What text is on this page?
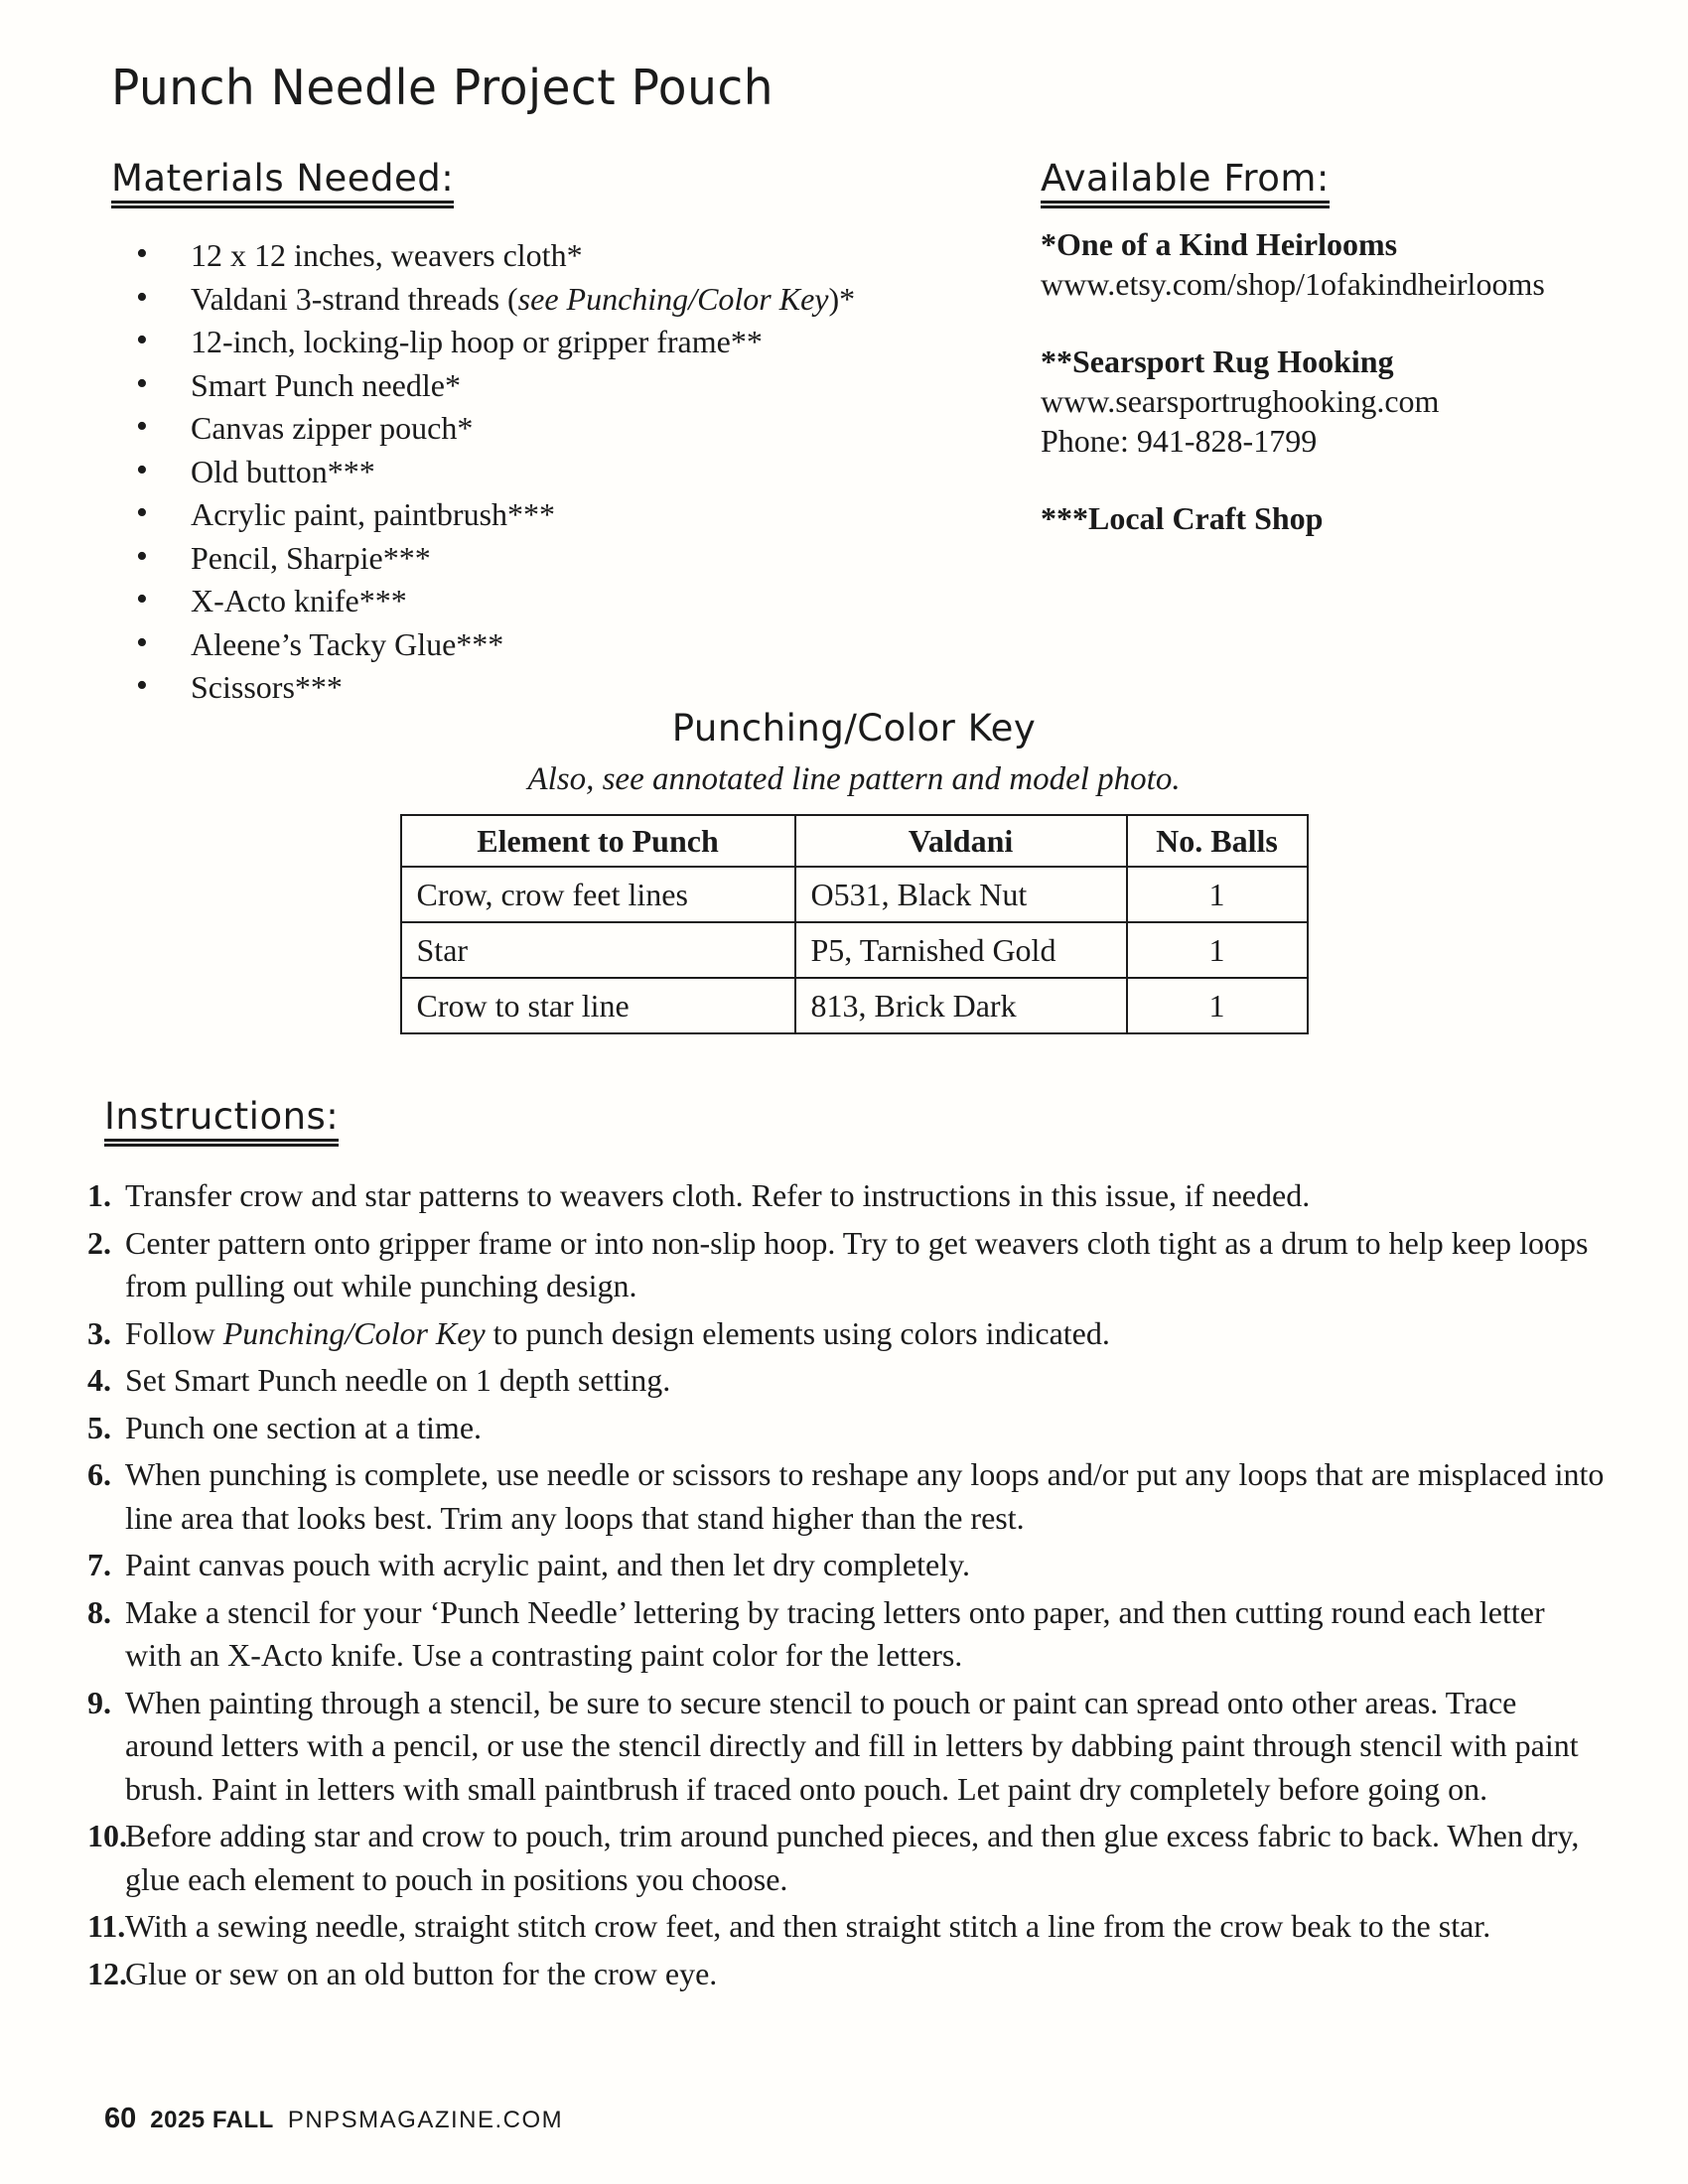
Punch Needle Project Pouch
Materials Needed:
• 12 x 12 inches, weavers cloth*
• Valdani 3-strand threads (see Punching/Color Key)*
• 12-inch, locking-lip hoop or gripper frame**
• Smart Punch needle*
• Canvas zipper pouch*
• Old button***
• Acrylic paint, paintbrush***
• Pencil, Sharpie***
• X-Acto knife***
• Aleene’s Tacky Glue***
• Scissors***
Available From:
*One of a Kind Heirlooms
www.etsy.com/shop/1ofakindheirlooms
**Searsport Rug Hooking
www.searsportrughooking.com
Phone: 941-828-1799
***Local Craft Shop
Punching/Color Key

Also, see annotated line pattern and model photo.

Element to Punch	Valdani	No. Balls
Crow, crow feet lines	O531, Black Nut	1
Star	P5, Tarnished Gold	1
Crow to star line	813, Brick Dark	1
Instructions:
1. Transfer crow and star patterns to weavers cloth. Refer to instructions in this issue, if needed.
2. Center pattern onto gripper frame or into non-slip hoop. Try to get weavers cloth tight as a drum to help keep loops from pulling out while punching design.
3. Follow Punching/Color Key to punch design elements using colors indicated.
4. Set Smart Punch needle on 1 depth setting.
5. Punch one section at a time.
6. When punching is complete, use needle or scissors to reshape any loops and/or put any loops that are misplaced into line area that looks best. Trim any loops that stand higher than the rest.
7. Paint canvas pouch with acrylic paint, and then let dry completely.
8. Make a stencil for your ‘Punch Needle’ lettering by tracing letters onto paper, and then cutting round each letter with an X-Acto knife. Use a contrasting paint color for the letters.
9. When painting through a stencil, be sure to secure stencil to pouch or paint can spread onto other areas. Trace around letters with a pencil, or use the stencil directly and fill in letters by dabbing paint through stencil with paint brush. Paint in letters with small paintbrush if traced onto pouch. Let paint dry completely before going on.
10.
Before adding star and crow to pouch, trim around punched pieces, and then glue excess fabric to back. When dry, glue each element to pouch in positions you choose.
11. With a sewing needle, straight stitch crow feet, and then straight stitch a line from the crow beak to the star.
12.
Glue or sew on an old button for the crow eye.
60 2025 FALL PNPSMAGAZINE.COM
